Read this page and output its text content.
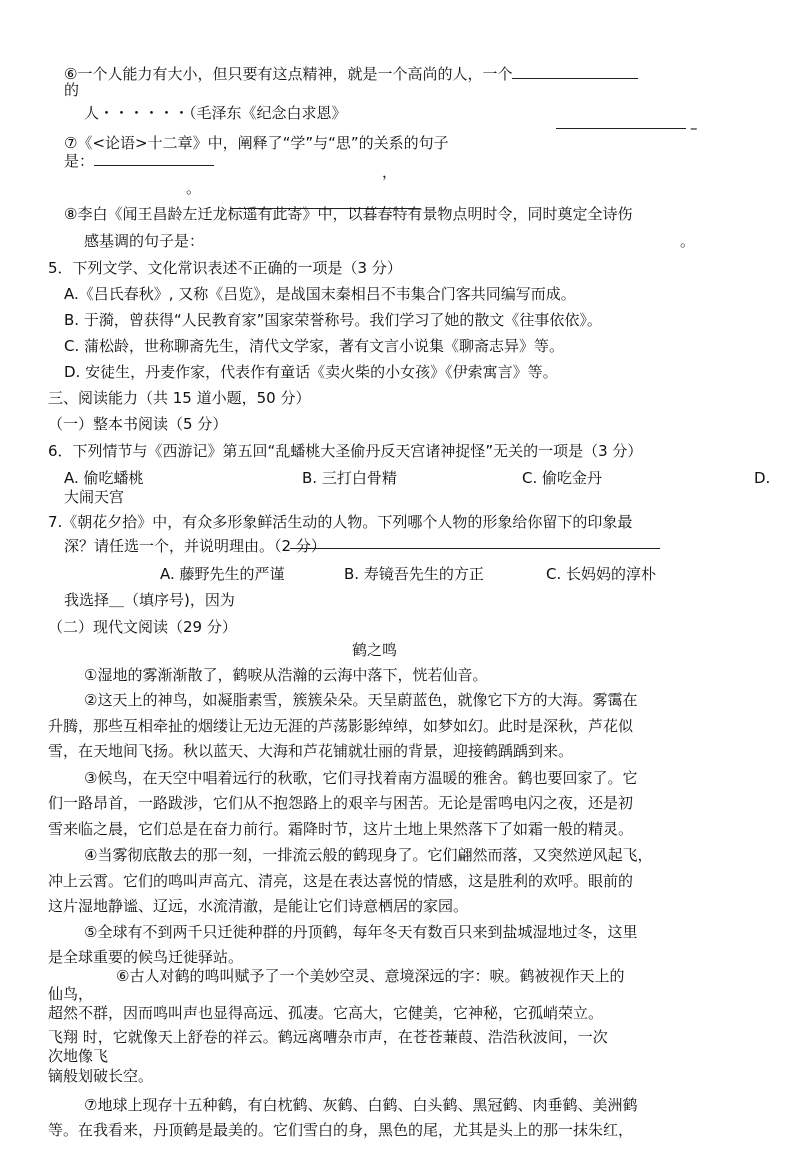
⑥一个人能力有大小，但只要有这点精神，就是一个高尚的人，一个
的
人・・・・・・（毛泽东《纪念白求恩》
–
⑦《<论语>十二章》中，阐释了“学”与“思”的关系的句子
是：
，
。
⑧李白《闻王昌龄左迁龙标遥有此寄》中，以暮春特有景物点明时令，同时奠定全诗伤
感基调的句子是：	。
5．下列文学、文化常识表述不正确的一项是（3 分）
A.《吕氏春秋》, 又称《吕览》，是战国末秦相吕不韦集合门客共同编写而成。
B. 于漪，曾获得“人民教育家”国家荣誉称号。我们学习了她的散文《往事依依》。
C. 蒲松龄，世称聊斋先生，清代文学家，著有文言小说集《聊斋志异》等。
D. 安徒生，丹麦作家，代表作有童话《卖火柴的小女孩》《伊索寓言》等。
三、阅读能力（共 15 道小题，50 分）
（一）整本书阅读（5 分）
6．下列情节与《西游记》第五回“乱蟠桃大圣偷丹反天宫诸神捉怪”无关的一项是（3 分）
A. 偷吃蟠桃	B. 三打白骨精	C. 偷吃金丹	D.
大闹天宫
7.《朝花夕拾》中，有众多形象鲜活生动的人物。下列哪个人物的形象给你留下的印象最
深？请任选一个，并说明理由。（2 分）
A. 藤野先生的严谨	B. 寿镜吾先生的方正	C. 长妈妈的淳朴
我选择＿（填序号)，因为
（二）现代文阅读（29 分）
鹤之鸣
①湿地的雾渐渐散了，鹤唳从浩瀚的云海中落下，恍若仙音。
②这天上的神鸟，如凝脂素雪，簇簇朵朵。天呈蔚蓝色，就像它下方的大海。雾霭在
升腾，那些互相牵扯的烟缕让无边无涯的芦荡影影绰绰，如梦如幻。此时是深秋，芦花似
雪，在天地间飞扬。秋以蓝天、大海和芦花铺就壮丽的背景，迎接鹤踽踽到来。
③候鸟，在天空中唱着远行的秋歌，它们寻找着南方温暖的雅舍。鹤也要回家了。它
们一路昂首，一路跋涉，它们从不抱怨路上的艰辛与困苦。无论是雷鸣电闪之夜，还是初
雪来临之晨，它们总是在奋力前行。霜降时节，这片土地上果然落下了如霜一般的精灵。
④当雾彻底散去的那一刻，一排流云般的鹤现身了。它们翩然而落，又突然逆风起飞，
冲上云霄。它们的鸣叫声高亢、清亮，这是在表达喜悦的情感，这是胜利的欢呼。眼前的
这片湿地静谧、辽远，水流清澈，是能让它们诗意栖居的家园。
⑤全球有不到两千只迁徙种群的丹顶鹤，每年冬天有数百只来到盐城湿地过冬，这里
是全球重要的候鸟迁徙驿站。
⑥古人对鹤的鸣叫赋予了一个美妙空灵、意境深远的字：唳。鹤被视作天上的
仙鸟，
超然不群，因而鸣叫声也显得高远、孤凄。它高大，它健美，它神秘，它孤峭荣立。
飞翔 时，它就像天上舒卷的祥云。鹤远离嘈杂市声，在苍苍蒹葭、浩浩秋波间，一次
次地像飞
镝般划破长空。
⑦地球上现存十五种鹤，有白枕鹤、灰鹤、白鹤、白头鹤、黑冠鹤、肉垂鹤、美洲鹤
等。在我看来，丹顶鹤是最美的。它们雪白的身，黑色的尾，尤其是头上的那一抹朱红，
